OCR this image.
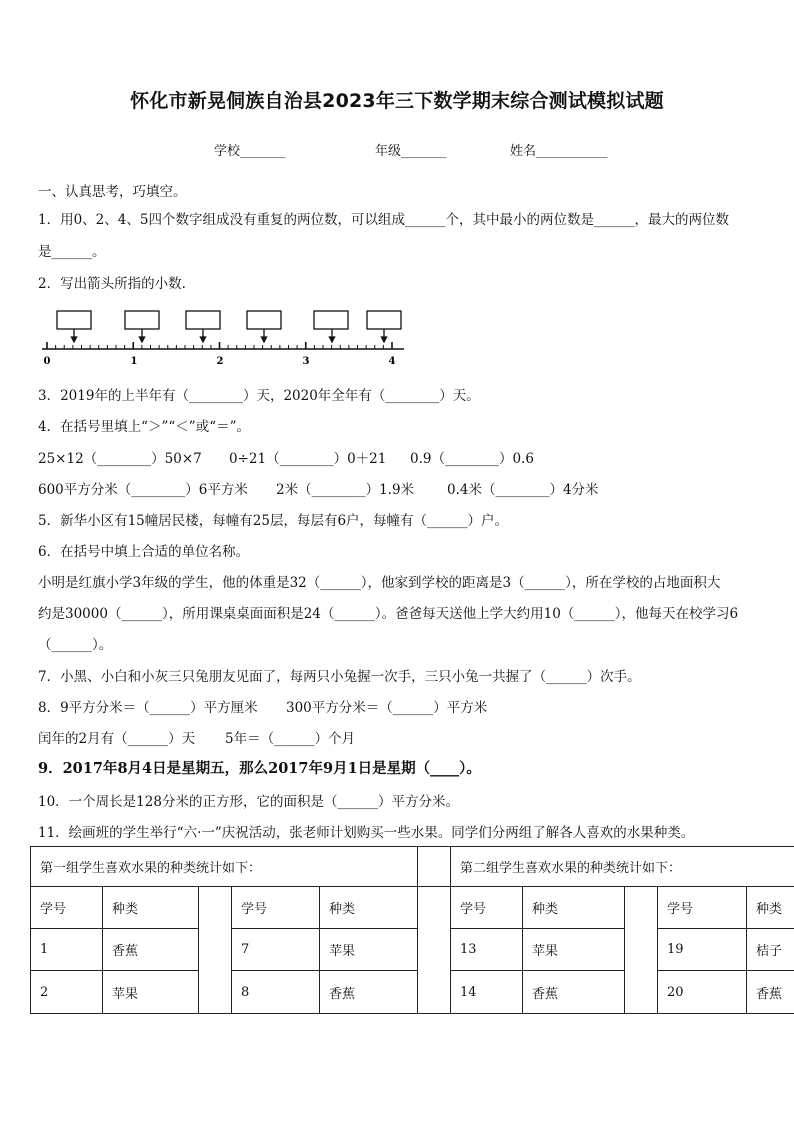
怀化市新晃侗族自治县2023年三下数学期末综合测试模拟试题
学校_______	年级_______	姓名___________
一、认真思考，巧填空。
1．用0、2、4、5四个数字组成没有重复的两位数，可以组成______个，其中最小的两位数是______，最大的两位数
是______。
2．写出箭头所指的小数.
0	1	2	3	4
3．2019年的上半年有（________）天，2020年全年有（________）天。
4．在括号里填上“＞”“＜”或“＝”。
25×12（________）50×7 0÷21（________）0＋21 0.9（________）0.6
600平方分米（________）6平方米 2米（________）1.9米 0.4米（________）4分米
5．新华小区有15幢居民楼，每幢有25层，每层有6户，每幢有（______）户。
6．在括号中填上合适的单位名称。
小明是红旗小学3年级的学生，他的体重是32（______），他家到学校的距离是3（______），所在学校的占地面积大
约是30000（______），所用课桌桌面面积是24（______）。爸爸每天送他上学大约用10（______），他每天在校学习6
（______）。
7．小黑、小白和小灰三只兔朋友见面了，每两只小兔握一次手，三只小兔一共握了（______）次手。
8．9平方分米＝（______）平方厘米 300平方分米＝（______）平方米
闰年的2月有（______）天 5年＝（______）个月
9．2017年8月4日是星期五，那么2017年9月1日是星期（____）。
10．一个周长是128分米的正方形，它的面积是（______）平方分米。
11．绘画班的学生举行“六·一”庆祝活动，张老师计划购买一些水果。同学们分两组了解各人喜欢的水果种类。
第一组学生喜欢水果的种类统计如下：						第二组学生喜欢水果的种类统计如下：				
学号	种类		学号	种类		学号	种类		学号	种类
1	香蕉		7	苹果		13	苹果		19	桔子
2	苹果		8	香蕉		14	香蕉		20	香蕉
